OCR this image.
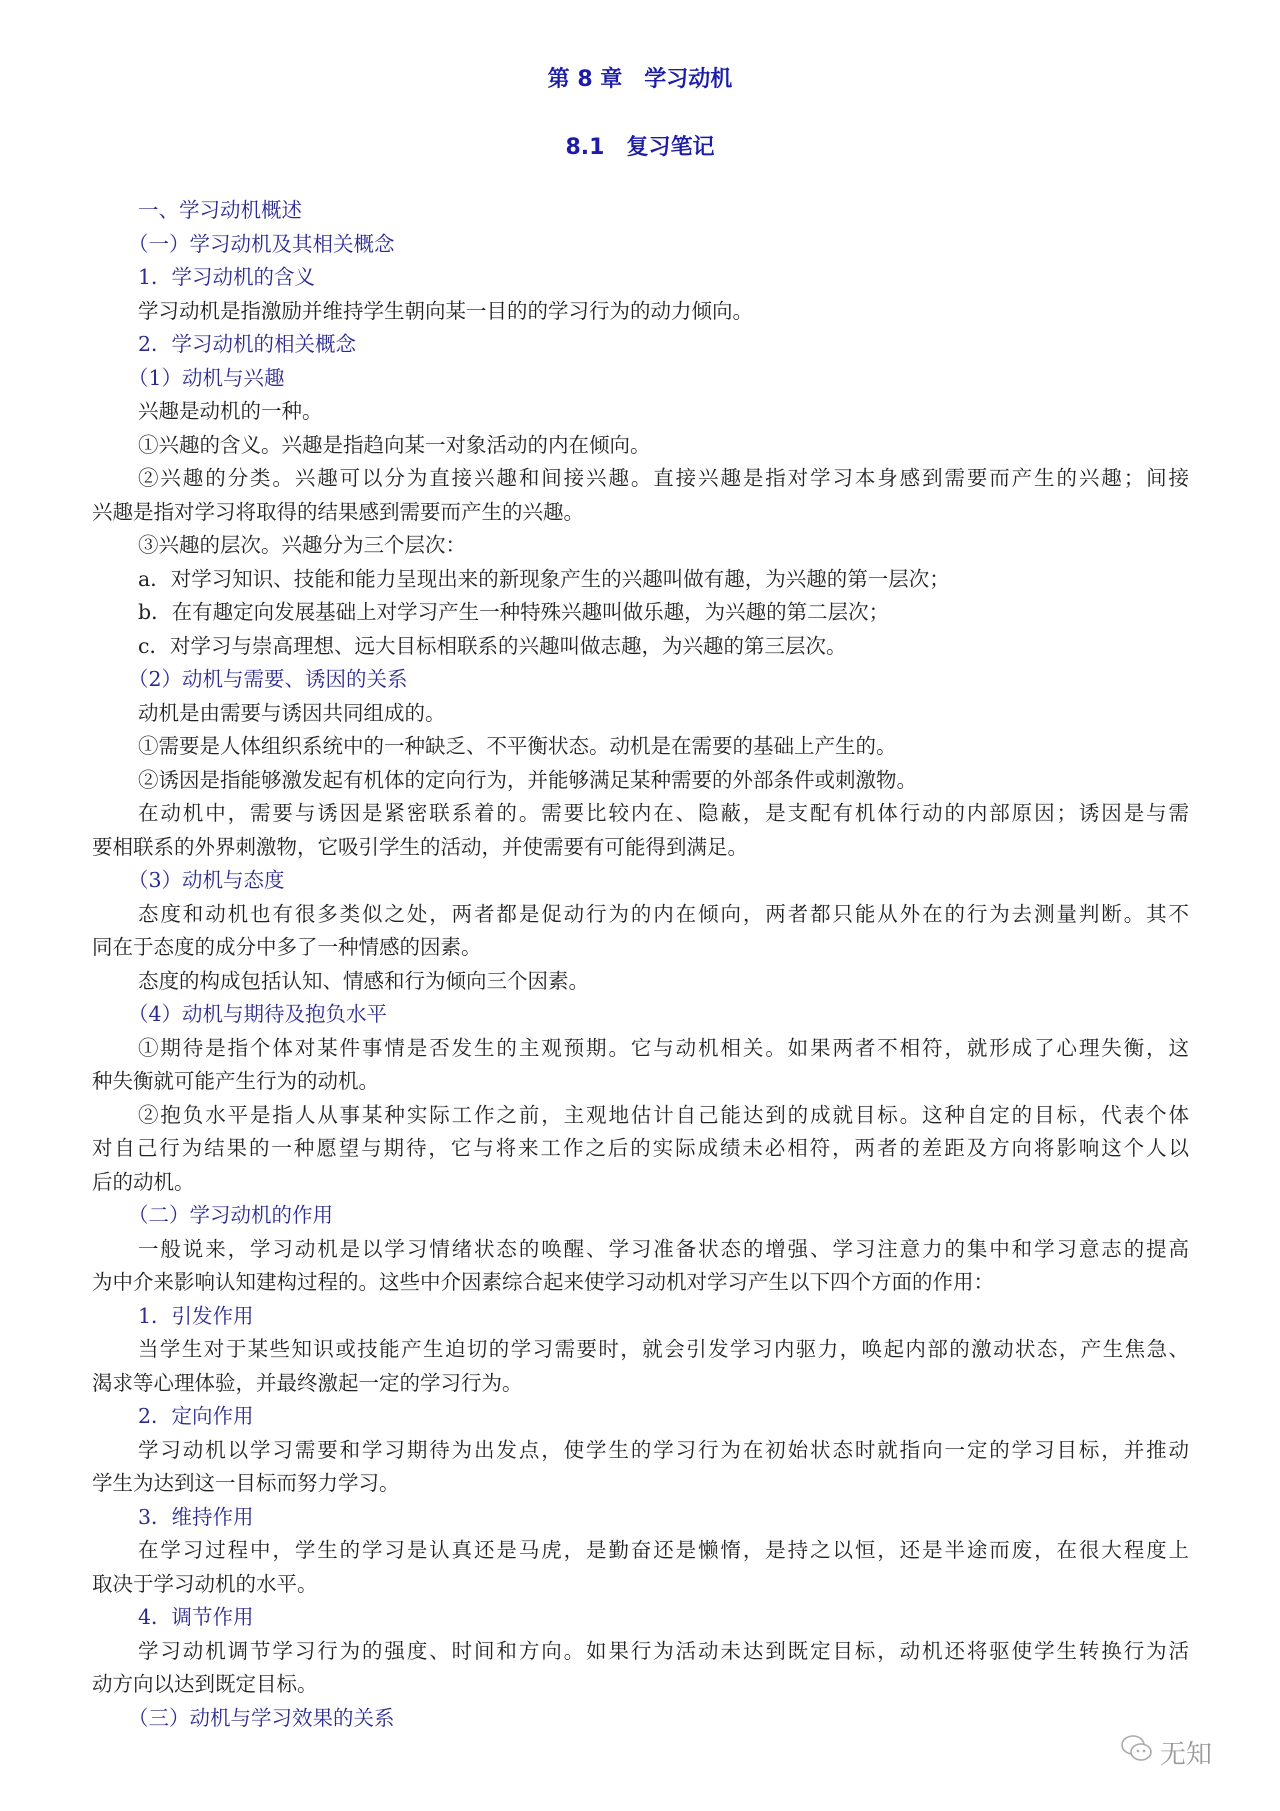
第 8 章　学习动机
8.1　复习笔记
一、学习动机概述
（一）学习动机及其相关概念
1．学习动机的含义
学习动机是指激励并维持学生朝向某一目的的学习行为的动力倾向。
2．学习动机的相关概念
（1）动机与兴趣
兴趣是动机的一种。
①兴趣的含义。兴趣是指趋向某一对象活动的内在倾向。
②兴趣的分类。兴趣可以分为直接兴趣和间接兴趣。直接兴趣是指对学习本身感到需要而产生的兴趣；间接
兴趣是指对学习将取得的结果感到需要而产生的兴趣。
③兴趣的层次。兴趣分为三个层次：
a．对学习知识、技能和能力呈现出来的新现象产生的兴趣叫做有趣，为兴趣的第一层次；
b．在有趣定向发展基础上对学习产生一种特殊兴趣叫做乐趣，为兴趣的第二层次；
c．对学习与崇高理想、远大目标相联系的兴趣叫做志趣，为兴趣的第三层次。
（2）动机与需要、诱因的关系
动机是由需要与诱因共同组成的。
①需要是人体组织系统中的一种缺乏、不平衡状态。动机是在需要的基础上产生的。
②诱因是指能够激发起有机体的定向行为，并能够满足某种需要的外部条件或刺激物。
在动机中，需要与诱因是紧密联系着的。需要比较内在、隐蔽，是支配有机体行动的内部原因；诱因是与需
要相联系的外界刺激物，它吸引学生的活动，并使需要有可能得到满足。
（3）动机与态度
态度和动机也有很多类似之处，两者都是促动行为的内在倾向，两者都只能从外在的行为去测量判断。其不
同在于态度的成分中多了一种情感的因素。
态度的构成包括认知、情感和行为倾向三个因素。
（4）动机与期待及抱负水平
①期待是指个体对某件事情是否发生的主观预期。它与动机相关。如果两者不相符，就形成了心理失衡，这
种失衡就可能产生行为的动机。
②抱负水平是指人从事某种实际工作之前，主观地估计自己能达到的成就目标。这种自定的目标，代表个体
对自己行为结果的一种愿望与期待，它与将来工作之后的实际成绩未必相符，两者的差距及方向将影响这个人以
后的动机。
（二）学习动机的作用
一般说来，学习动机是以学习情绪状态的唤醒、学习准备状态的增强、学习注意力的集中和学习意志的提高
为中介来影响认知建构过程的。这些中介因素综合起来使学习动机对学习产生以下四个方面的作用：
1．引发作用
当学生对于某些知识或技能产生迫切的学习需要时，就会引发学习内驱力，唤起内部的激动状态，产生焦急、
渴求等心理体验，并最终激起一定的学习行为。
2．定向作用
学习动机以学习需要和学习期待为出发点，使学生的学习行为在初始状态时就指向一定的学习目标，并推动
学生为达到这一目标而努力学习。
3．维持作用
在学习过程中，学生的学习是认真还是马虎，是勤奋还是懒惰，是持之以恒，还是半途而废，在很大程度上
取决于学习动机的水平。
4．调节作用
学习动机调节学习行为的强度、时间和方向。如果行为活动未达到既定目标，动机还将驱使学生转换行为活
动方向以达到既定目标。
（三）动机与学习效果的关系
无知
